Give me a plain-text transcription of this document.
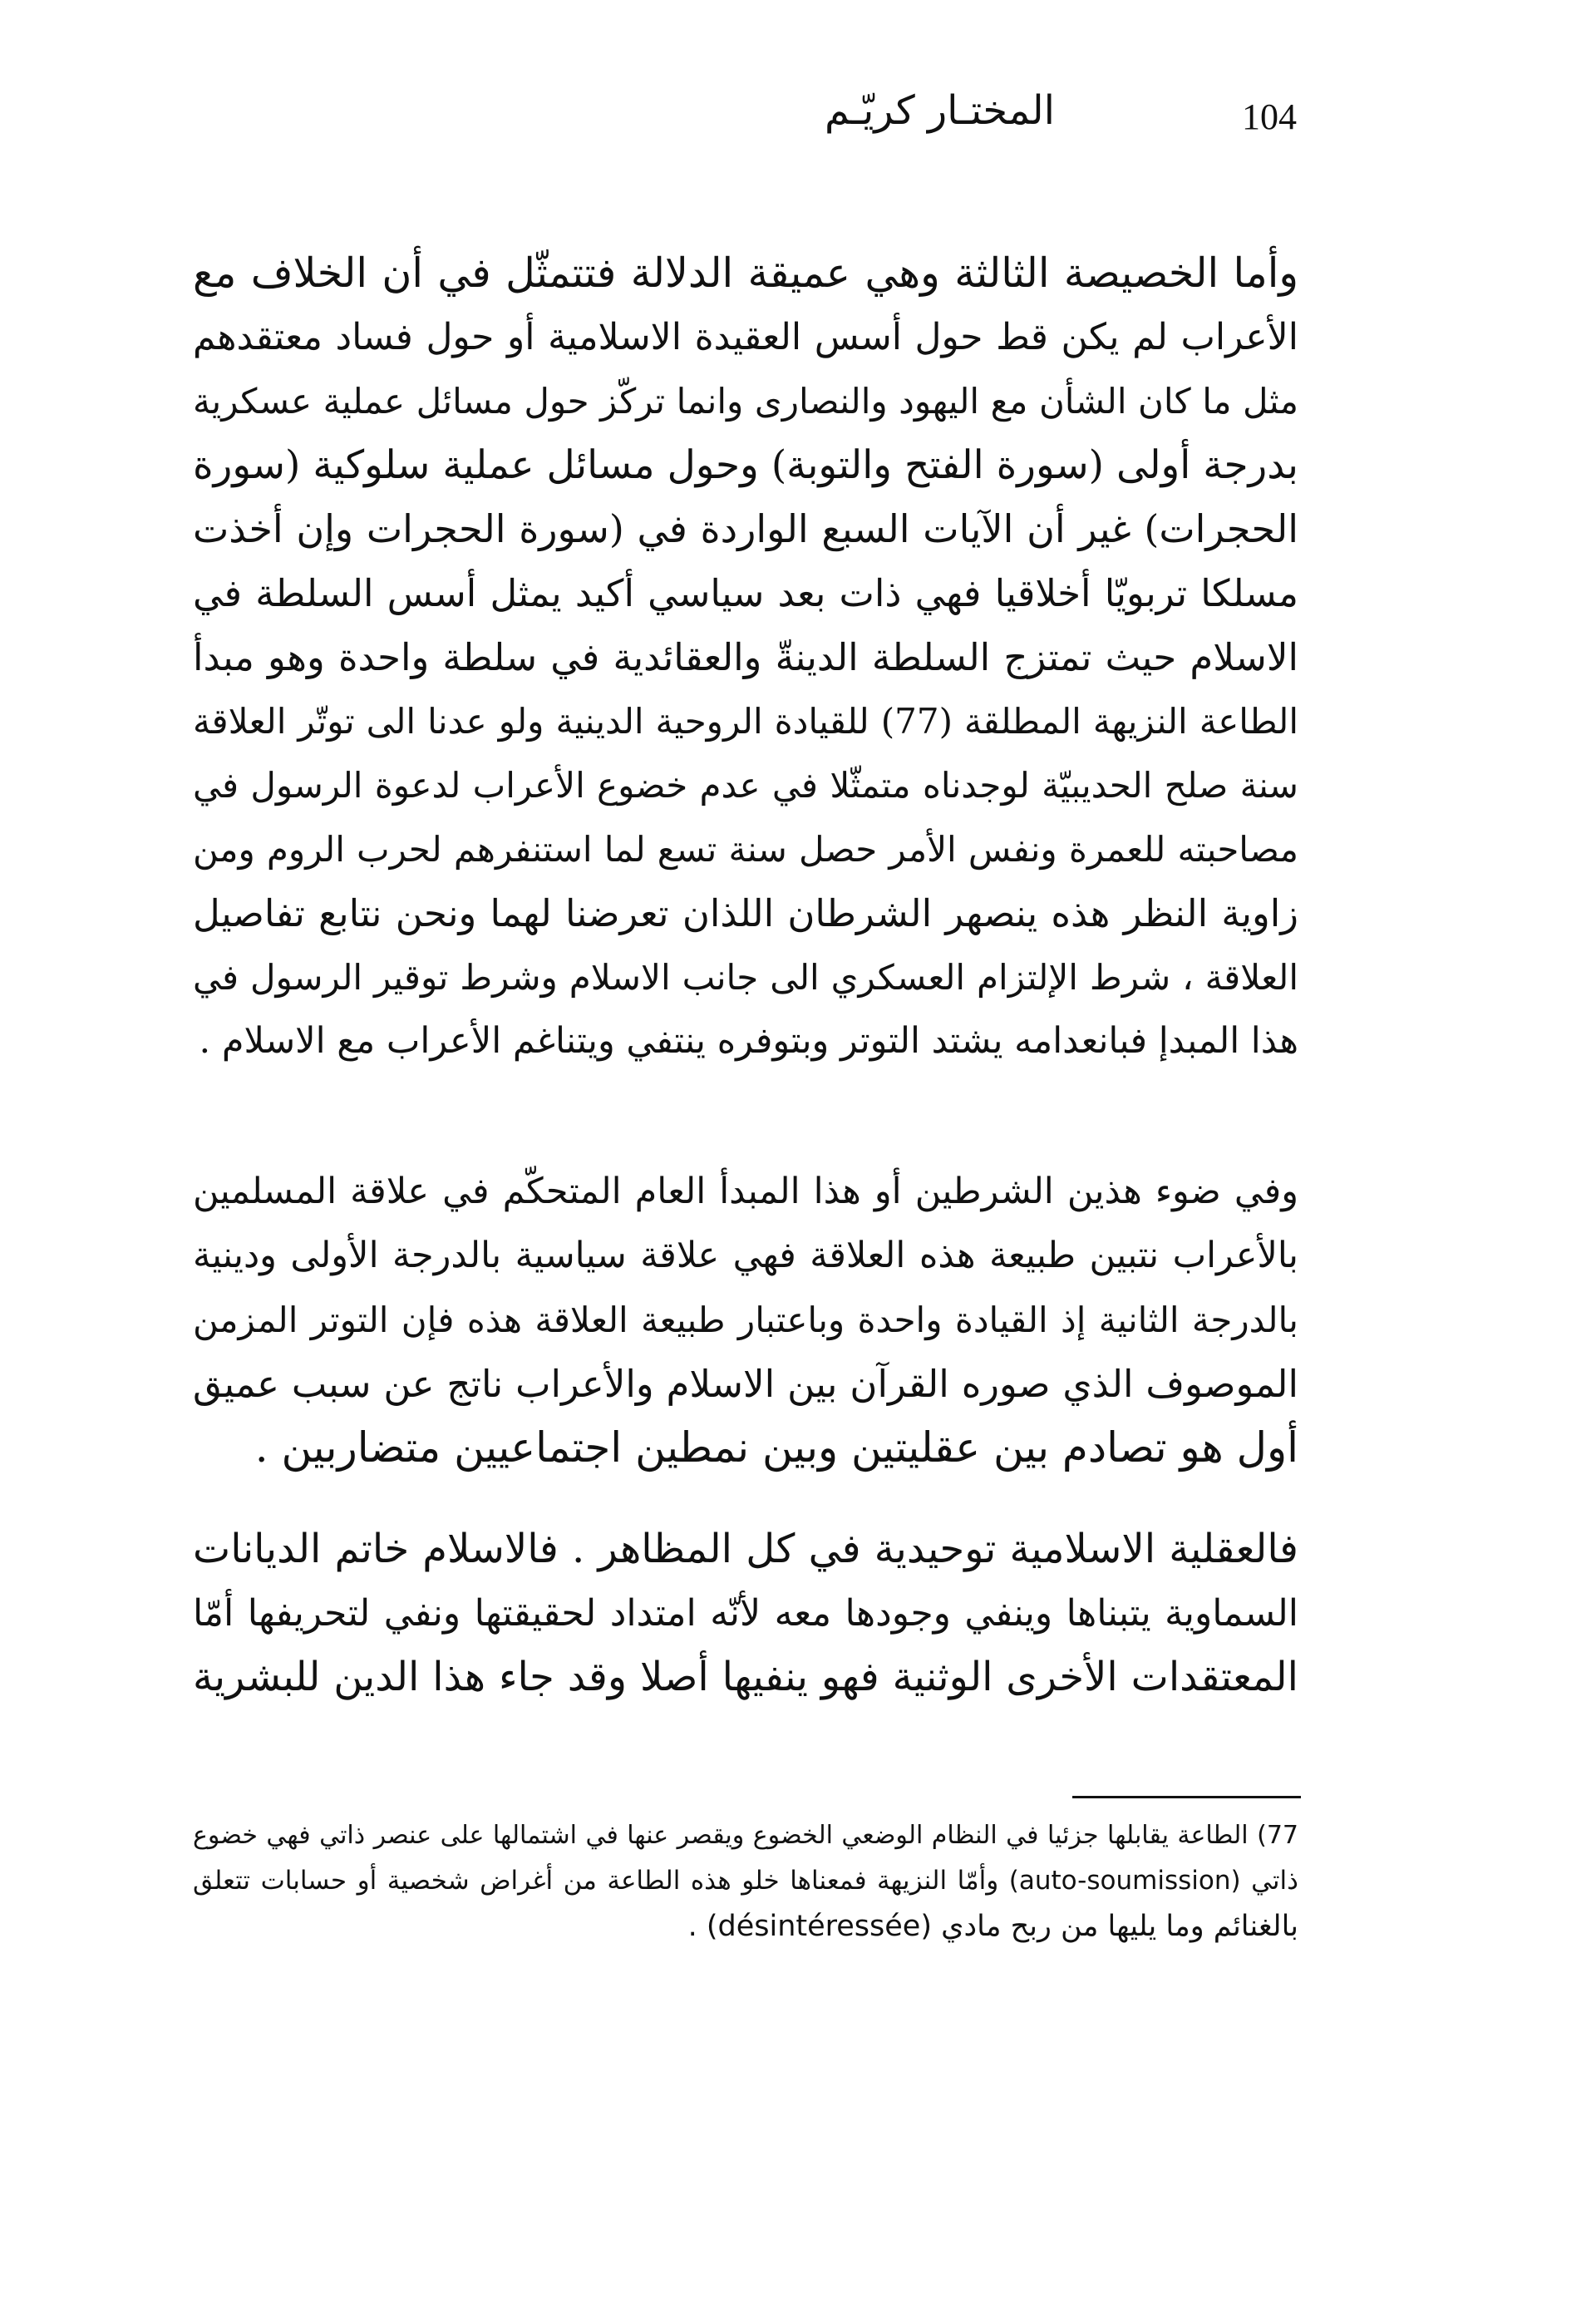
104
المختـار كريّـم

وأما الخصيصة الثالثة وهي عميقة الدلالة فتتمثّل في أن الخلاف مع
الأعراب لم يكن قط حول أسس العقيدة الاسلامية أو حول فساد معتقدهم
مثل ما كان الشأن مع اليهود والنصارى وانما تركّز حول مسائل عملية عسكرية
بدرجة أولى (سورة الفتح والتوبة) وحول مسائل عملية سلوكية (سورة
الحجرات) غير أن الآيات السبع الواردة في (سورة الحجرات وإن أخذت
مسلكا تربويّا أخلاقيا فهي ذات بعد سياسي أكيد يمثل أسس السلطة في
الاسلام حيث تمتزج السلطة الدينةّ والعقائدية في سلطة واحدة وهو مبدأ
الطاعة النزيهة المطلقة (77) للقيادة الروحية الدينية ولو عدنا الى توتّر العلاقة
سنة صلح الحديبيّة لوجدناه متمثّلا في عدم خضوع الأعراب لدعوة الرسول في
مصاحبته للعمرة ونفس الأمر حصل سنة تسع لما استنفرهم لحرب الروم ومن
زاوية النظر هذه ينصهر الشرطان اللذان تعرضنا لهما ونحن نتابع تفاصيل
العلاقة ، شرط الإلتزام العسكري الى جانب الاسلام وشرط توقير الرسول في
هذا المبدإ فبانعدامه يشتد التوتر وبتوفره ينتفي ويتناغم الأعراب مع الاسلام .

وفي ضوء هذين الشرطين أو هذا المبدأ العام المتحكّم في علاقة المسلمين
بالأعراب نتبين طبيعة هذه العلاقة فهي علاقة سياسية بالدرجة الأولى ودينية
بالدرجة الثانية إذ القيادة واحدة وباعتبار طبيعة العلاقة هذه فإن التوتر المزمن
الموصوف الذي صوره القرآن بين الاسلام والأعراب ناتج عن سبب عميق
أول هو تصادم بين عقليتين وبين نمطين اجتماعيين متضاربين .

فالعقلية الاسلامية توحيدية في كل المظاهر . فالاسلام خاتم الديانات
السماوية يتبناها وينفي وجودها معه لأنّه امتداد لحقيقتها ونفي لتحريفها أمّا
المعتقدات الأخرى الوثنية فهو ينفيها أصلا وقد جاء هذا الدين للبشرية

77) الطاعة يقابلها جزئيا في النظام الوضعي الخضوع ويقصر عنها في اشتمالها على عنصر ذاتي فهي خضوع
ذاتي (auto-soumission) وأمّا النزيهة فمعناها خلو هذه الطاعة من أغراض شخصية أو حسابات تتعلق
بالغنائم وما يليها من ربح مادي (désintéressée) .
